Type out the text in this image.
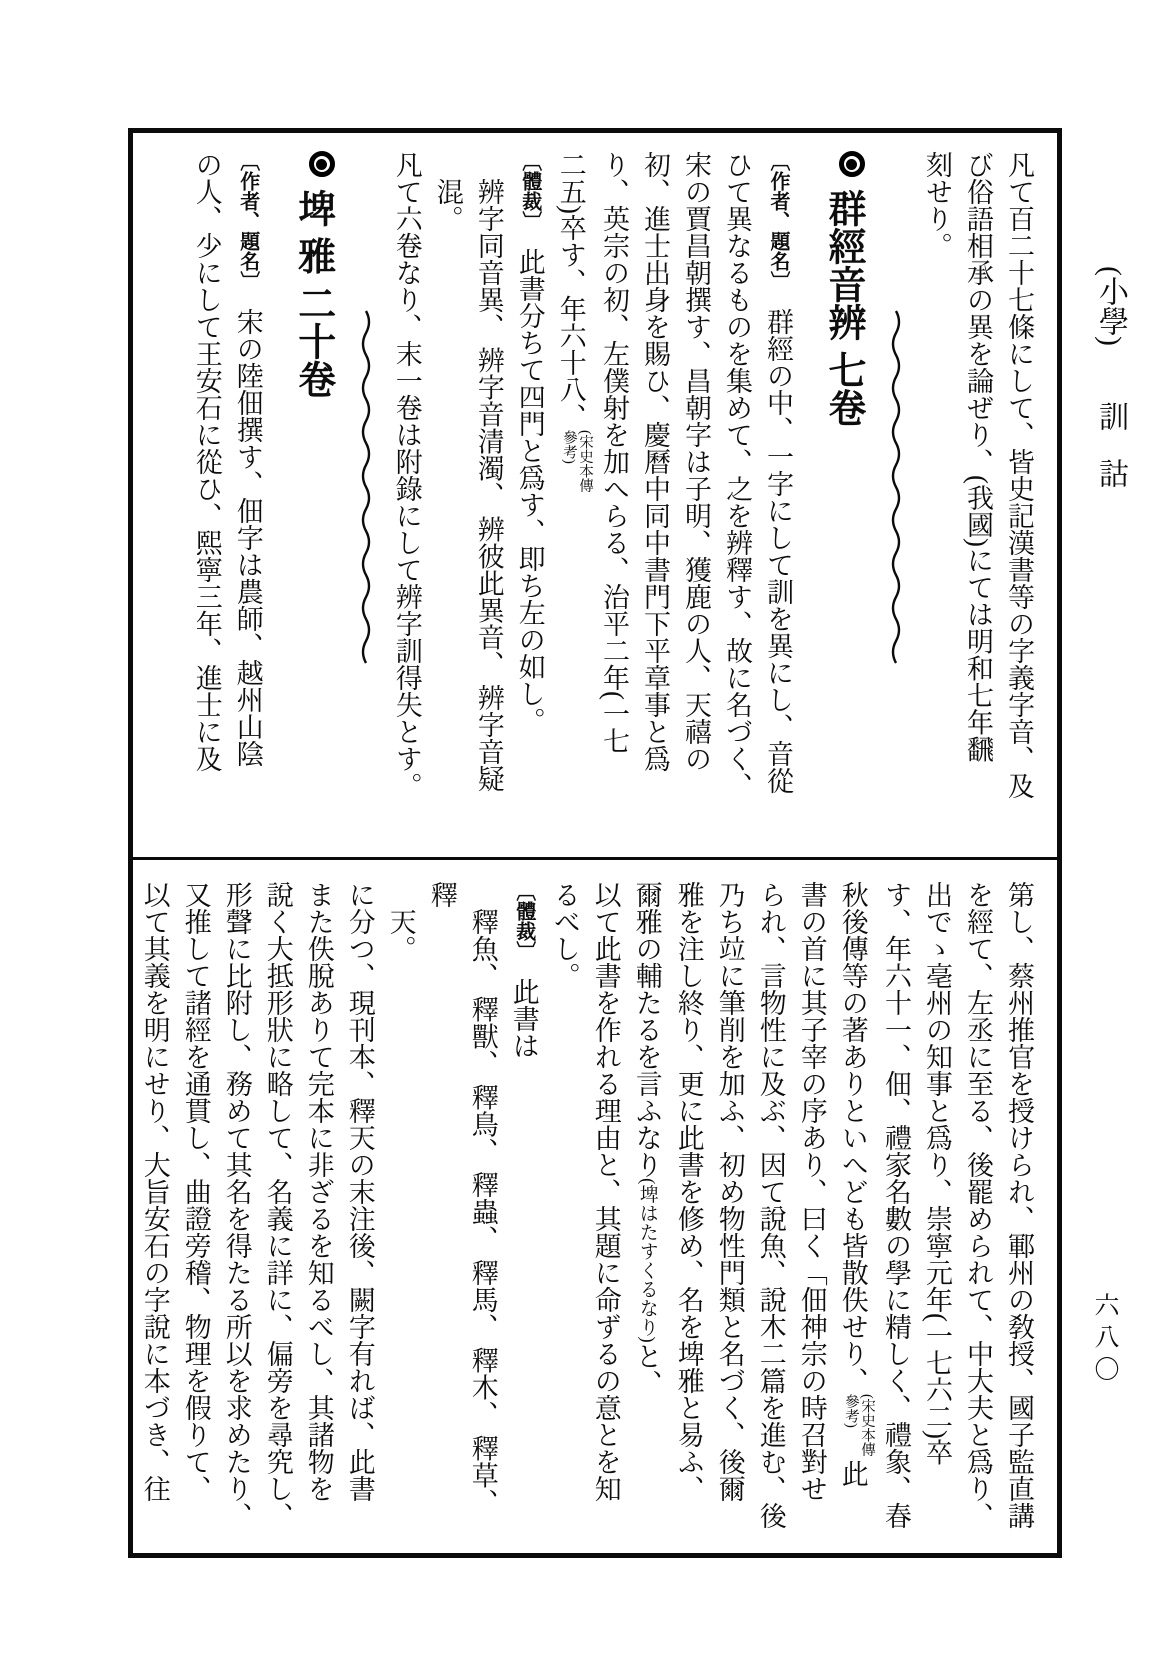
(小學) 訓詁

凡て百二十七條にして、皆史記漢書等の字義字音、及

び俗語相承の異を論ぜり、(我國)にては明和七年飜

刻せり。

群經音辨 七卷

〔作者、題名〕　群經の中、一字にして訓を異にし、音從

ひて異なるものを集めて、之を辨釋す、故に名づく、

宋の賈昌朝撰す、昌朝字は子明、獲鹿の人、天禧の

初、進士出身を賜ひ、慶曆中同中書門下平章事と爲

り、英宗の初、左僕射を加へらる、治平二年(一七

二五)卒す、年六十八、(宋史本傳參考)

〔體裁〕　此書分ちて四門と爲す、即ち左の如し。

　辨字同音異、 辨字音清濁、 辨彼此異音、 辨字音疑

　混。

凡て六卷なり、末一卷は附錄にして辨字訓得失とす。

埤 雅 二十卷

〔作者、題名〕　宋の陸佃撰す、佃字は農師、越州山陰

の人、少にして王安石に從ひ、熙寧三年、進士に及

第し、蔡州推官を授けられ、鄆州の敎授、國子監直講

を經て、左丞に至る、後罷められて、中大夫と爲り、

出でゝ亳州の知事と爲り、崇寧元年(一七六二)卒

す、年六十一、佃、禮家名數の學に精しく、禮象、春

秋後傳等の著ありといへども皆散佚せり、(宋史本傳參考)此

書の首に其子宰の序あり、曰く「佃神宗の時召對せ

られ、言物性に及ぶ、因て說魚、說木二篇を進む、後

乃ち竝に筆削を加ふ、初め物性門類と名づく、後爾

雅を注し終り、更に此書を修め、名を埤雅と易ふ、

爾雅の輔たるを言ふなり(埤はたすくるなり)と、

以て此書を作れる理由と、其題に命ずるの意とを知

るべし。

〔體裁〕　此書は

　釋魚、 釋獸、 釋鳥、 釋蟲、 釋馬、 釋木、 釋草、 釋

　天。

に分つ、現刊本、釋天の末注後、闕字有れば、此書

また佚脫ありて完本に非ざるを知るべし、其諸物を

說く大抵形狀に略して、名義に詳に、偏旁を尋究し、

形聲に比附し、務めて其名を得たる所以を求めたり、

又推して諸經を通貫し、曲證旁稽、物理を假りて、

以て其義を明にせり、大旨安石の字說に本づき、往	六八〇
